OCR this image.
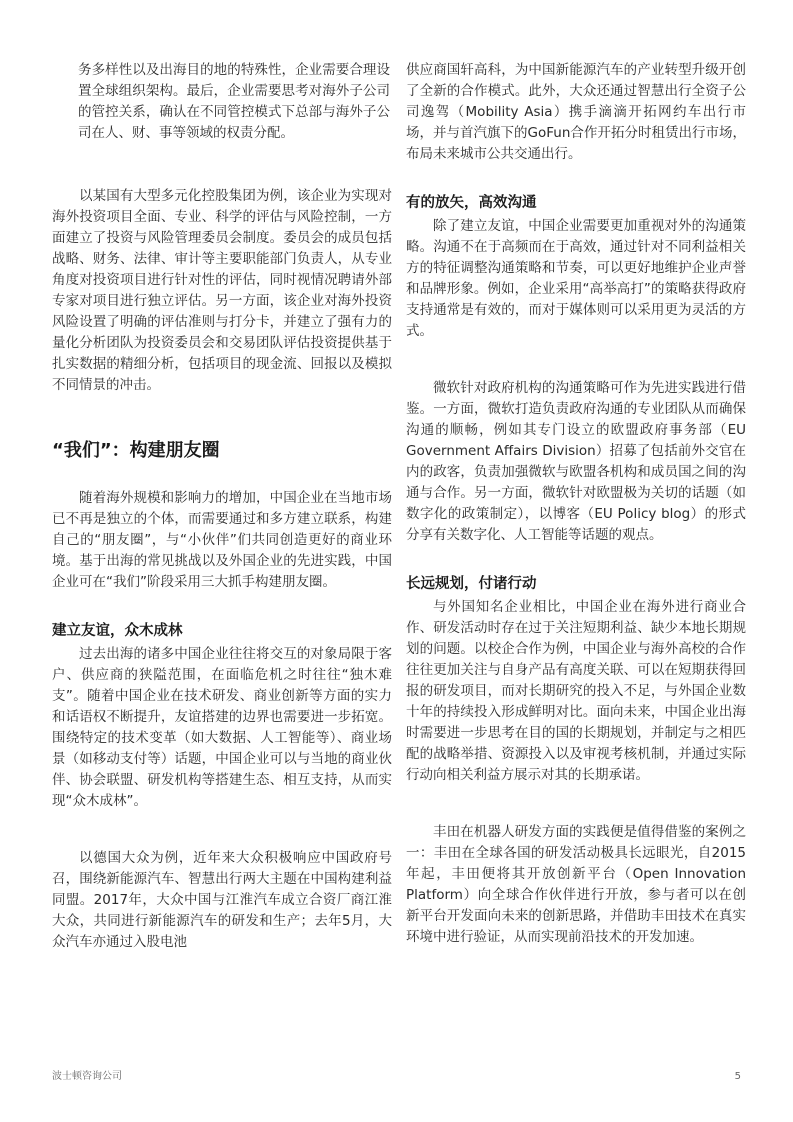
务多样性以及出海目的地的特殊性，企业需要合理设置全球组织架构。最后，企业需要思考对海外子公司的管控关系，确认在不同管控模式下总部与海外子公司在人、财、事等领域的权责分配。

以某国有大型多元化控股集团为例，该企业为实现对海外投资项目全面、专业、科学的评估与风险控制，一方面建立了投资与风险管理委员会制度。委员会的成员包括战略、财务、法律、审计等主要职能部门负责人，从专业角度对投资项目进行针对性的评估，同时视情况聘请外部专家对项目进行独立评估。另一方面，该企业对海外投资风险设置了明确的评估准则与打分卡，并建立了强有力的量化分析团队为投资委员会和交易团队评估投资提供基于扎实数据的精细分析，包括项目的现金流、回报以及模拟不同情景的冲击。

“我们”：构建朋友圈

随着海外规模和影响力的增加，中国企业在当地市场已不再是独立的个体，而需要通过和多方建立联系，构建自己的“朋友圈”，与“小伙伴”们共同创造更好的商业环境。基于出海的常见挑战以及外国企业的先进实践，中国企业可在“我们”阶段采用三大抓手构建朋友圈。

建立友谊，众木成林

过去出海的诸多中国企业往往将交互的对象局限于客户、供应商的狭隘范围，在面临危机之时往往“独木难支”。随着中国企业在技术研发、商业创新等方面的实力和话语权不断提升，友谊搭建的边界也需要进一步拓宽。围绕特定的技术变革（如大数据、人工智能等）、商业场景（如移动支付等）话题，中国企业可以与当地的商业伙伴、协会联盟、研发机构等搭建生态、相互支持，从而实现“众木成林”。

以德国大众为例，近年来大众积极响应中国政府号召，围绕新能源汽车、智慧出行两大主题在中国构建利益同盟。2017年，大众中国与江淮汽车成立合资厂商江淮大众，共同进行新能源汽车的研发和生产；去年5月，大众汽车亦通过入股电池

供应商国轩高科，为中国新能源汽车的产业转型升级开创了全新的合作模式。此外，大众还通过智慧出行全资子公司逸驾（Mobility Asia）携手滴滴开拓网约车出行市场，并与首汽旗下的GoFun合作开拓分时租赁出行市场，布局未来城市公共交通出行。

有的放矢，高效沟通

除了建立友谊，中国企业需要更加重视对外的沟通策略。沟通不在于高频而在于高效，通过针对不同利益相关方的特征调整沟通策略和节奏，可以更好地维护企业声誉和品牌形象。例如，企业采用“高举高打”的策略获得政府支持通常是有效的，而对于媒体则可以采用更为灵活的方式。

微软针对政府机构的沟通策略可作为先进实践进行借鉴。一方面，微软打造负责政府沟通的专业团队从而确保沟通的顺畅，例如其专门设立的欧盟政府事务部（EU Government Affairs Division）招募了包括前外交官在内的政客，负责加强微软与欧盟各机构和成员国之间的沟通与合作。另一方面，微软针对欧盟极为关切的话题（如数字化的政策制定），以博客（EU Policy blog）的形式分享有关数字化、人工智能等话题的观点。

长远规划，付诸行动

与外国知名企业相比，中国企业在海外进行商业合作、研发活动时存在过于关注短期利益、缺少本地长期规划的问题。以校企合作为例，中国企业与海外高校的合作往往更加关注与自身产品有高度关联、可以在短期获得回报的研发项目，而对长期研究的投入不足，与外国企业数十年的持续投入形成鲜明对比。面向未来，中国企业出海时需要进一步思考在目的国的长期规划，并制定与之相匹配的战略举措、资源投入以及审视考核机制，并通过实际行动向相关利益方展示对其的长期承诺。

丰田在机器人研发方面的实践便是值得借鉴的案例之一：丰田在全球各国的研发活动极具长远眼光，自2015年起，丰田便将其开放创新平台（Open Innovation Platform）向全球合作伙伴进行开放，参与者可以在创新平台开发面向未来的创新思路，并借助丰田技术在真实环境中进行验证，从而实现前沿技术的开发加速。

波士顿咨询公司	5
